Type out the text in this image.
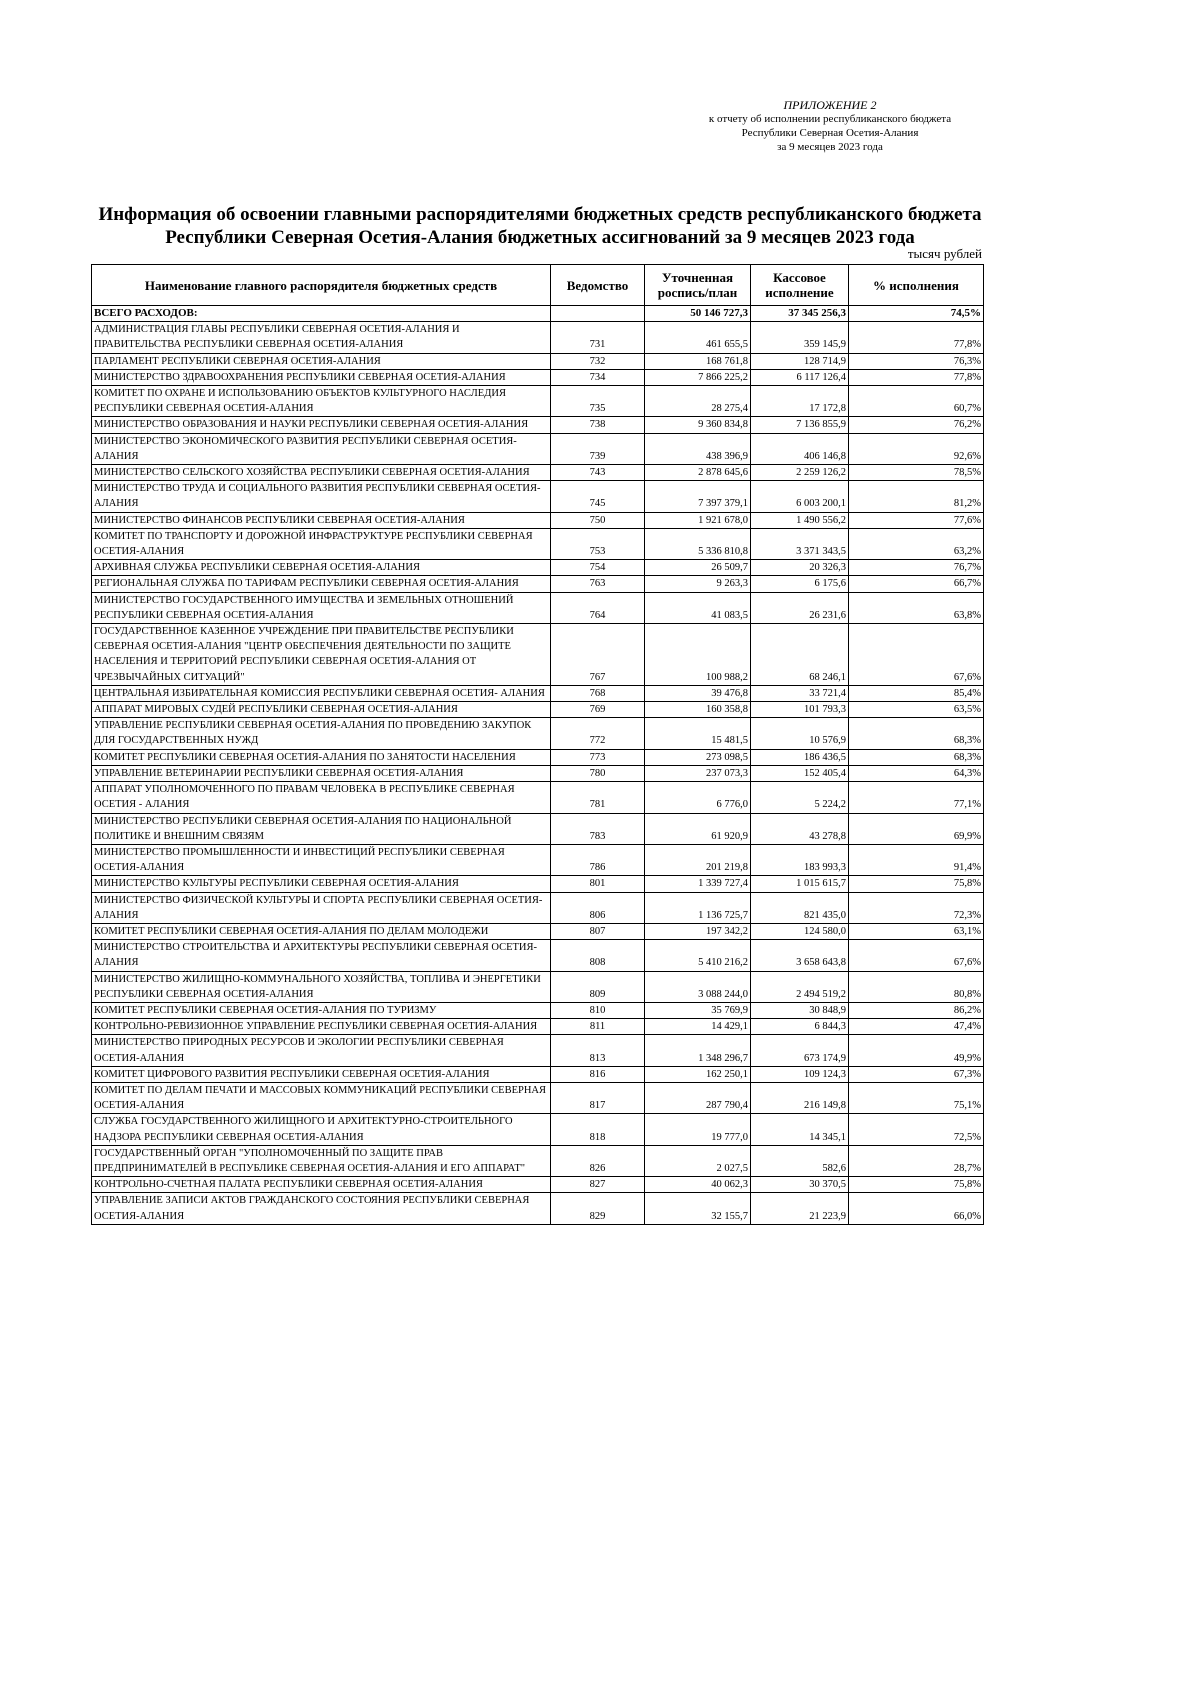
ПРИЛОЖЕНИЕ 2
к отчету об исполнении республиканского бюджета
Республики Северная Осетия-Алания
за 9 месяцев 2023 года
Информация об освоении главными распорядителями бюджетных средств республиканского бюджета
Республики Северная Осетия-Алания бюджетных ассигнований за 9 месяцев 2023 года
тысяч рублей
Наименование главного распорядителя бюджетных средств	Ведомство	Уточненная роспись/план	Кассовое исполнение	% исполнения
ВСЕГО РАСХОДОВ:		50 146 727,3	37 345 256,3	74,5%
АДМИНИСТРАЦИЯ ГЛАВЫ РЕСПУБЛИКИ СЕВЕРНАЯ ОСЕТИЯ-АЛАНИЯ И ПРАВИТЕЛЬСТВА РЕСПУБЛИКИ СЕВЕРНАЯ ОСЕТИЯ-АЛАНИЯ	731	461 655,5	359 145,9	77,8%
ПАРЛАМЕНТ РЕСПУБЛИКИ СЕВЕРНАЯ ОСЕТИЯ-АЛАНИЯ	732	168 761,8	128 714,9	76,3%
МИНИСТЕРСТВО ЗДРАВООХРАНЕНИЯ РЕСПУБЛИКИ СЕВЕРНАЯ ОСЕТИЯ-АЛАНИЯ	734	7 866 225,2	6 117 126,4	77,8%
КОМИТЕТ ПО ОХРАНЕ И ИСПОЛЬЗОВАНИЮ ОБЪЕКТОВ КУЛЬТУРНОГО НАСЛЕДИЯ РЕСПУБЛИКИ СЕВЕРНАЯ ОСЕТИЯ-АЛАНИЯ	735	28 275,4	17 172,8	60,7%
МИНИСТЕРСТВО ОБРАЗОВАНИЯ И НАУКИ РЕСПУБЛИКИ СЕВЕРНАЯ ОСЕТИЯ-АЛАНИЯ	738	9 360 834,8	7 136 855,9	76,2%
МИНИСТЕРСТВО ЭКОНОМИЧЕСКОГО РАЗВИТИЯ РЕСПУБЛИКИ СЕВЕРНАЯ ОСЕТИЯ-АЛАНИЯ	739	438 396,9	406 146,8	92,6%
МИНИСТЕРСТВО СЕЛЬСКОГО ХОЗЯЙСТВА РЕСПУБЛИКИ СЕВЕРНАЯ ОСЕТИЯ-АЛАНИЯ	743	2 878 645,6	2 259 126,2	78,5%
МИНИСТЕРСТВО ТРУДА И СОЦИАЛЬНОГО РАЗВИТИЯ РЕСПУБЛИКИ СЕВЕРНАЯ ОСЕТИЯ-АЛАНИЯ	745	7 397 379,1	6 003 200,1	81,2%
МИНИСТЕРСТВО ФИНАНСОВ РЕСПУБЛИКИ СЕВЕРНАЯ ОСЕТИЯ-АЛАНИЯ	750	1 921 678,0	1 490 556,2	77,6%
КОМИТЕТ ПО ТРАНСПОРТУ И ДОРОЖНОЙ ИНФРАСТРУКТУРЕ РЕСПУБЛИКИ СЕВЕРНАЯ ОСЕТИЯ-АЛАНИЯ	753	5 336 810,8	3 371 343,5	63,2%
АРХИВНАЯ СЛУЖБА РЕСПУБЛИКИ СЕВЕРНАЯ ОСЕТИЯ-АЛАНИЯ	754	26 509,7	20 326,3	76,7%
РЕГИОНАЛЬНАЯ СЛУЖБА ПО ТАРИФАМ РЕСПУБЛИКИ СЕВЕРНАЯ ОСЕТИЯ-АЛАНИЯ	763	9 263,3	6 175,6	66,7%
МИНИСТЕРСТВО ГОСУДАРСТВЕННОГО ИМУЩЕСТВА И ЗЕМЕЛЬНЫХ ОТНОШЕНИЙ РЕСПУБЛИКИ СЕВЕРНАЯ ОСЕТИЯ-АЛАНИЯ	764	41 083,5	26 231,6	63,8%
ГОСУДАРСТВЕННОЕ КАЗЕННОЕ УЧРЕЖДЕНИЕ ПРИ ПРАВИТЕЛЬСТВЕ РЕСПУБЛИКИ СЕВЕРНАЯ ОСЕТИЯ-АЛАНИЯ "ЦЕНТР ОБЕСПЕЧЕНИЯ ДЕЯТЕЛЬНОСТИ ПО ЗАЩИТЕ НАСЕЛЕНИЯ И ТЕРРИТОРИЙ РЕСПУБЛИКИ СЕВЕРНАЯ ОСЕТИЯ-АЛАНИЯ ОТ ЧРЕЗВЫЧАЙНЫХ СИТУАЦИЙ"	767	100 988,2	68 246,1	67,6%
ЦЕНТРАЛЬНАЯ ИЗБИРАТЕЛЬНАЯ КОМИССИЯ РЕСПУБЛИКИ СЕВЕРНАЯ ОСЕТИЯ- АЛАНИЯ	768	39 476,8	33 721,4	85,4%
АППАРАТ МИРОВЫХ СУДЕЙ РЕСПУБЛИКИ СЕВЕРНАЯ ОСЕТИЯ-АЛАНИЯ	769	160 358,8	101 793,3	63,5%
УПРАВЛЕНИЕ РЕСПУБЛИКИ СЕВЕРНАЯ ОСЕТИЯ-АЛАНИЯ ПО ПРОВЕДЕНИЮ ЗАКУПОК ДЛЯ ГОСУДАРСТВЕННЫХ НУЖД	772	15 481,5	10 576,9	68,3%
КОМИТЕТ РЕСПУБЛИКИ СЕВЕРНАЯ ОСЕТИЯ-АЛАНИЯ ПО ЗАНЯТОСТИ НАСЕЛЕНИЯ	773	273 098,5	186 436,5	68,3%
УПРАВЛЕНИЕ ВЕТЕРИНАРИИ РЕСПУБЛИКИ СЕВЕРНАЯ ОСЕТИЯ-АЛАНИЯ	780	237 073,3	152 405,4	64,3%
АППАРАТ УПОЛНОМОЧЕННОГО ПО ПРАВАМ ЧЕЛОВЕКА В РЕСПУБЛИКЕ СЕВЕРНАЯ ОСЕТИЯ - АЛАНИЯ	781	6 776,0	5 224,2	77,1%
МИНИСТЕРСТВО РЕСПУБЛИКИ СЕВЕРНАЯ ОСЕТИЯ-АЛАНИЯ ПО НАЦИОНАЛЬНОЙ ПОЛИТИКЕ И ВНЕШНИМ СВЯЗЯМ	783	61 920,9	43 278,8	69,9%
МИНИСТЕРСТВО ПРОМЫШЛЕННОСТИ И ИНВЕСТИЦИЙ РЕСПУБЛИКИ СЕВЕРНАЯ ОСЕТИЯ-АЛАНИЯ	786	201 219,8	183 993,3	91,4%
МИНИСТЕРСТВО КУЛЬТУРЫ РЕСПУБЛИКИ СЕВЕРНАЯ ОСЕТИЯ-АЛАНИЯ	801	1 339 727,4	1 015 615,7	75,8%
МИНИСТЕРСТВО ФИЗИЧЕСКОЙ КУЛЬТУРЫ И СПОРТА РЕСПУБЛИКИ СЕВЕРНАЯ ОСЕТИЯ-АЛАНИЯ	806	1 136 725,7	821 435,0	72,3%
КОМИТЕТ РЕСПУБЛИКИ СЕВЕРНАЯ ОСЕТИЯ-АЛАНИЯ ПО ДЕЛАМ МОЛОДЕЖИ	807	197 342,2	124 580,0	63,1%
МИНИСТЕРСТВО СТРОИТЕЛЬСТВА И АРХИТЕКТУРЫ РЕСПУБЛИКИ СЕВЕРНАЯ ОСЕТИЯ-АЛАНИЯ	808	5 410 216,2	3 658 643,8	67,6%
МИНИСТЕРСТВО ЖИЛИЩНО-КОММУНАЛЬНОГО ХОЗЯЙСТВА, ТОПЛИВА И ЭНЕРГЕТИКИ РЕСПУБЛИКИ СЕВЕРНАЯ ОСЕТИЯ-АЛАНИЯ	809	3 088 244,0	2 494 519,2	80,8%
КОМИТЕТ РЕСПУБЛИКИ СЕВЕРНАЯ ОСЕТИЯ-АЛАНИЯ ПО ТУРИЗМУ	810	35 769,9	30 848,9	86,2%
КОНТРОЛЬНО-РЕВИЗИОННОЕ УПРАВЛЕНИЕ РЕСПУБЛИКИ СЕВЕРНАЯ ОСЕТИЯ-АЛАНИЯ	811	14 429,1	6 844,3	47,4%
МИНИСТЕРСТВО ПРИРОДНЫХ РЕСУРСОВ И ЭКОЛОГИИ РЕСПУБЛИКИ СЕВЕРНАЯ ОСЕТИЯ-АЛАНИЯ	813	1 348 296,7	673 174,9	49,9%
КОМИТЕТ ЦИФРОВОГО РАЗВИТИЯ РЕСПУБЛИКИ СЕВЕРНАЯ ОСЕТИЯ-АЛАНИЯ	816	162 250,1	109 124,3	67,3%
КОМИТЕТ ПО ДЕЛАМ ПЕЧАТИ И МАССОВЫХ КОММУНИКАЦИЙ РЕСПУБЛИКИ СЕВЕРНАЯ ОСЕТИЯ-АЛАНИЯ	817	287 790,4	216 149,8	75,1%
СЛУЖБА ГОСУДАРСТВЕННОГО ЖИЛИЩНОГО И АРХИТЕКТУРНО-СТРОИТЕЛЬНОГО НАДЗОРА РЕСПУБЛИКИ СЕВЕРНАЯ ОСЕТИЯ-АЛАНИЯ	818	19 777,0	14 345,1	72,5%
ГОСУДАРСТВЕННЫЙ ОРГАН "УПОЛНОМОЧЕННЫЙ ПО ЗАЩИТЕ ПРАВ ПРЕДПРИНИМАТЕЛЕЙ В РЕСПУБЛИКЕ СЕВЕРНАЯ ОСЕТИЯ-АЛАНИЯ И ЕГО АППАРАТ"	826	2 027,5	582,6	28,7%
КОНТРОЛЬНО-СЧЕТНАЯ ПАЛАТА РЕСПУБЛИКИ СЕВЕРНАЯ ОСЕТИЯ-АЛАНИЯ	827	40 062,3	30 370,5	75,8%
УПРАВЛЕНИЕ ЗАПИСИ АКТОВ ГРАЖДАНСКОГО СОСТОЯНИЯ РЕСПУБЛИКИ СЕВЕРНАЯ ОСЕТИЯ-АЛАНИЯ	829	32 155,7	21 223,9	66,0%
